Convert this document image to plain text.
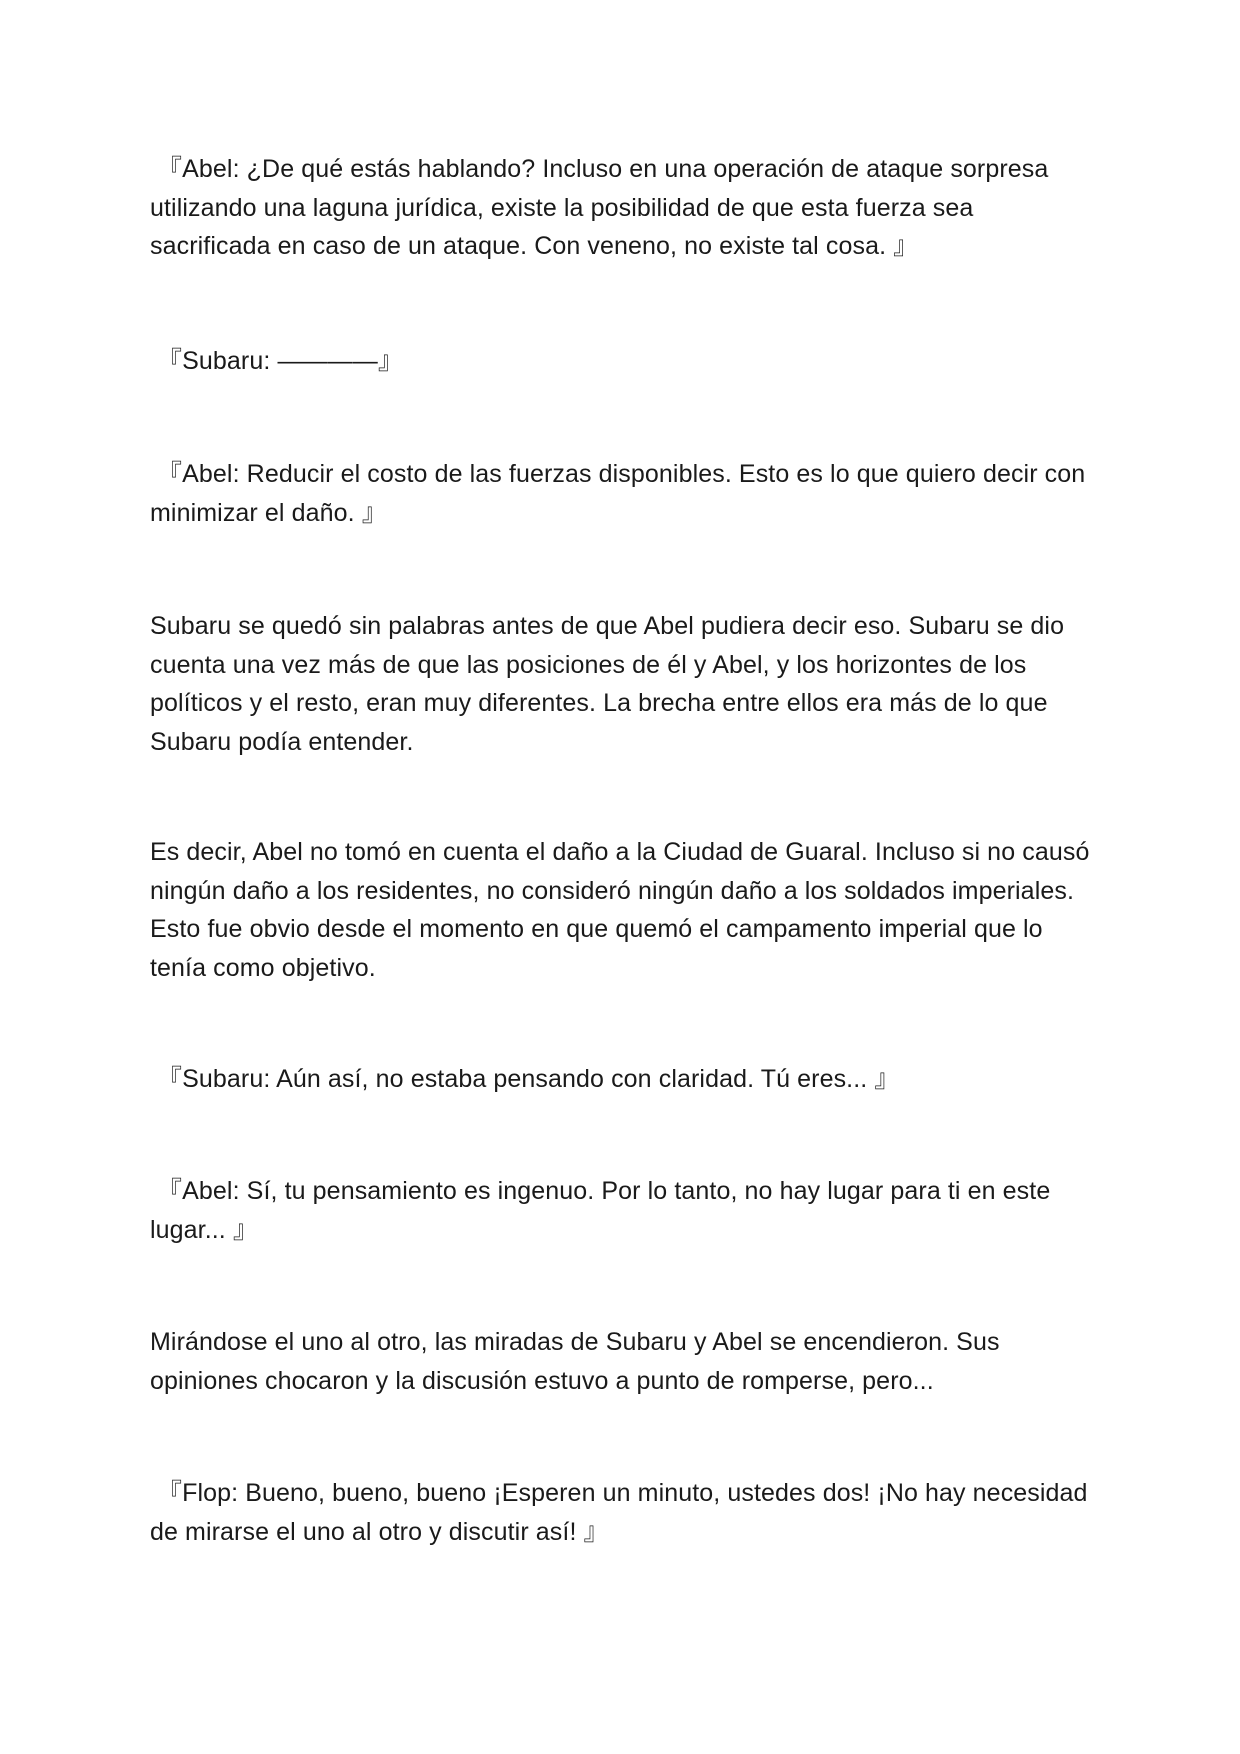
『Abel: ¿De qué estás hablando? Incluso en una operación de ataque sorpresa utilizando una laguna jurídica, existe la posibilidad de que esta fuerza sea sacrificada en caso de un ataque. Con veneno, no existe tal cosa. 』

『Subaru: ————』

『Abel: Reducir el costo de las fuerzas disponibles. Esto es lo que quiero decir con minimizar el daño. 』

Subaru se quedó sin palabras antes de que Abel pudiera decir eso. Subaru se dio cuenta una vez más de que las posiciones de él y Abel, y los horizontes de los políticos y el resto, eran muy diferentes. La brecha entre ellos era más de lo que Subaru podía entender.

Es decir, Abel no tomó en cuenta el daño a la Ciudad de Guaral. Incluso si no causó ningún daño a los residentes, no consideró ningún daño a los soldados imperiales. Esto fue obvio desde el momento en que quemó el campamento imperial que lo tenía como objetivo.

『Subaru: Aún así, no estaba pensando con claridad. Tú eres... 』

『Abel: Sí, tu pensamiento es ingenuo. Por lo tanto, no hay lugar para ti en este lugar... 』

Mirándose el uno al otro, las miradas de Subaru y Abel se encendieron. Sus opiniones chocaron y la discusión estuvo a punto de romperse, pero...

『Flop: Bueno, bueno, bueno ¡Esperen un minuto, ustedes dos! ¡No hay necesidad de mirarse el uno al otro y discutir así! 』
